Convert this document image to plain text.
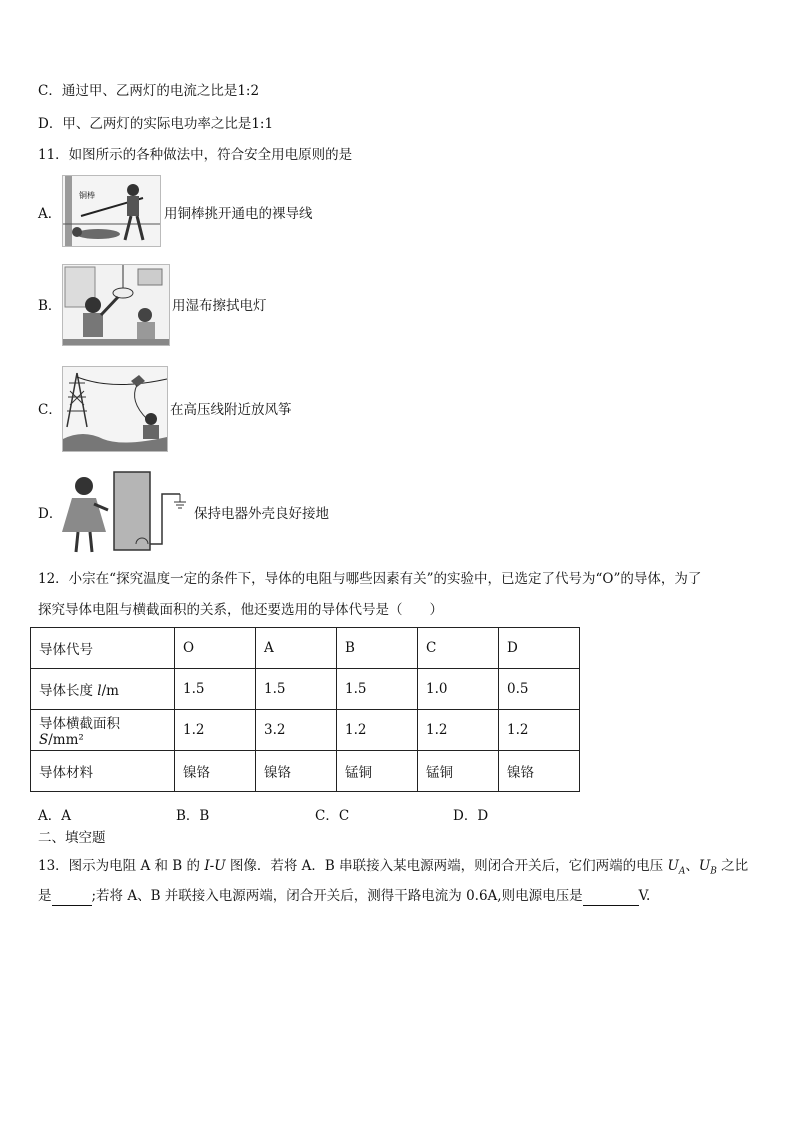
C．通过甲、乙两灯的电流之比是1:2
D．甲、乙两灯的实际电功率之比是1:1
11．如图所示的各种做法中，符合安全用电原则的是
A．
铜棒
用铜棒挑开通电的裸导线
B．	用湿布擦拭电灯
C．	在高压线附近放风筝
D．	保持电器外壳良好接地
12．小宗在“探究温度一定的条件下，导体的电阻与哪些因素有关”的实验中，已选定了代号为“O”的导体，为了
探究导体电阻与横截面积的关系，他还要选用的导体代号是（　　）
导体代号	O	A	B	C	D
导体长度 l/m	1.5	1.5	1.5	1.0	0.5
导体横截面积 S/mm²	1.2	3.2	1.2	1.2	1.2
导体材料	镍铬	镍铬	锰铜	锰铜	镍铬
A．A	B．B	C．C	D．D
二、填空题
13．图示为电阻 A 和 B 的 I-U 图像．若将 A．B 串联接入某电源两端，则闭合开关后，它们两端的电压 $U_A$、$U_B$ 之比
是	;若将 A、B 并联接入电源两端，闭合开关后，测得干路电流为 0.6A,则电源电压是	V.
